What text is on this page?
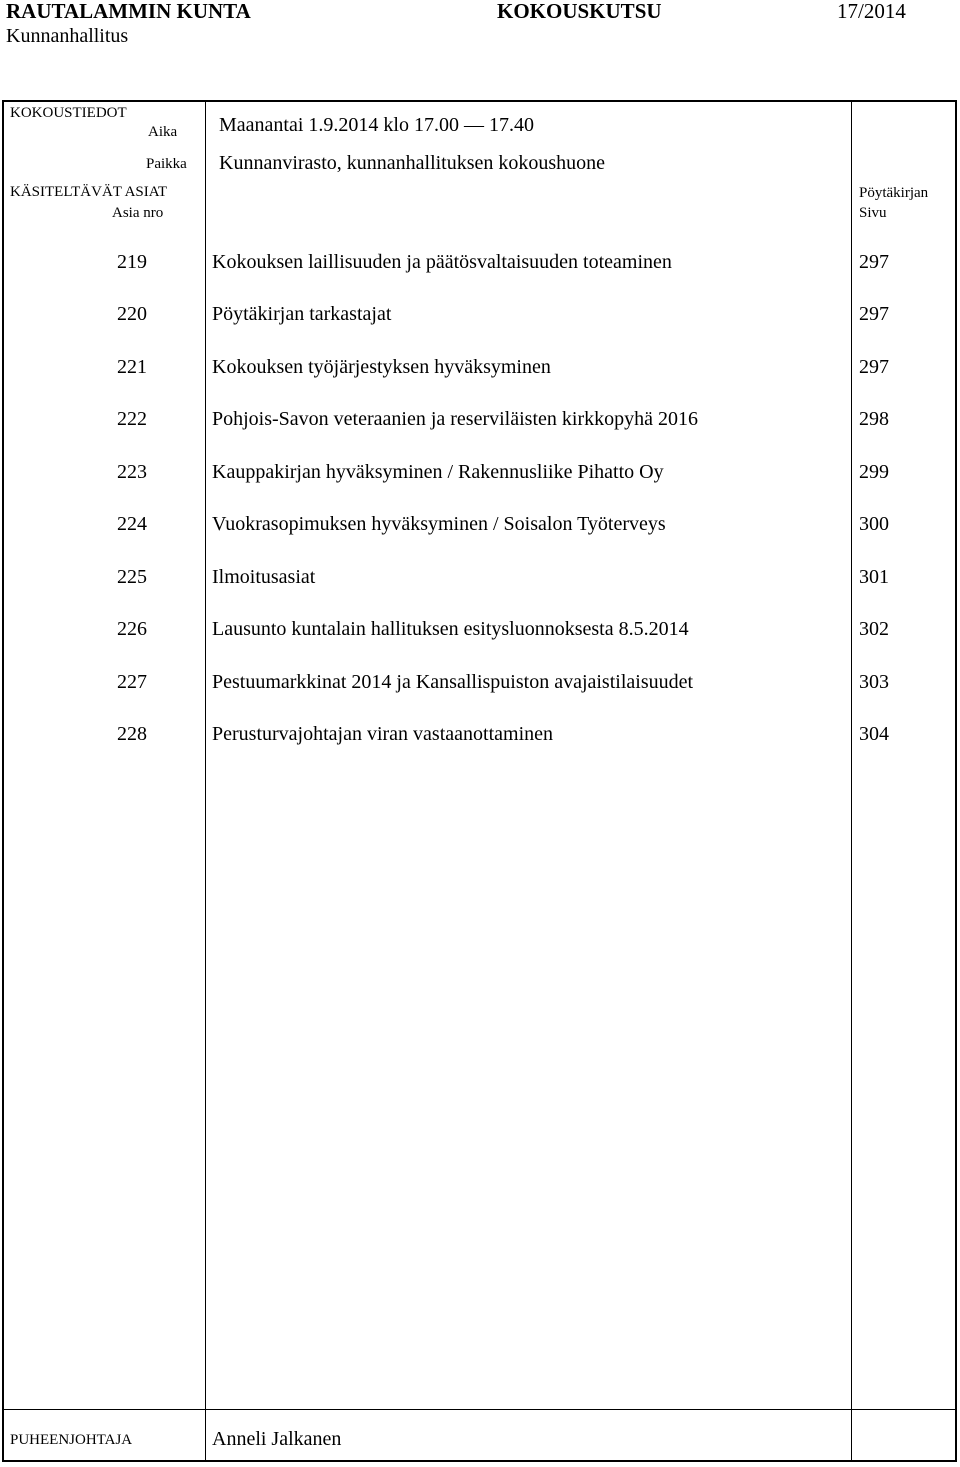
RAUTALAMMIN KUNTA	KOKOUSKUTSU	17/2014
Kunnanhallitus
KOKOUSTIEDOT
Aika Maanantai 1.9.2014 klo 17.00 — 17.40
Paikka Kunnanvirasto, kunnanhallituksen kokoushuone
KÄSITELTÄVÄT ASIAT
Asia nro
Pöytäkirjan
Sivu
219	Kokouksen laillisuuden ja päätösvaltaisuuden toteaminen	297
220	Pöytäkirjan tarkastajat	297
221	Kokouksen työjärjestyksen hyväksyminen	297
222	Pohjois-Savon veteraanien ja reserviläisten kirkkopyhä 2016	298
223	Kauppakirjan hyväksyminen / Rakennusliike Pihatto Oy	299
224	Vuokrasopimuksen hyväksyminen / Soisalon Työterveys	300
225	Ilmoitusasiat	301
226	Lausunto kuntalain hallituksen esitysluonnoksesta 8.5.2014	302
227	Pestuumarkkinat 2014 ja Kansallispuiston avajaistilaisuudet	303
228	Perusturvajohtajan viran vastaanottaminen	304
PUHEENJOHTAJA	Anneli Jalkanen
